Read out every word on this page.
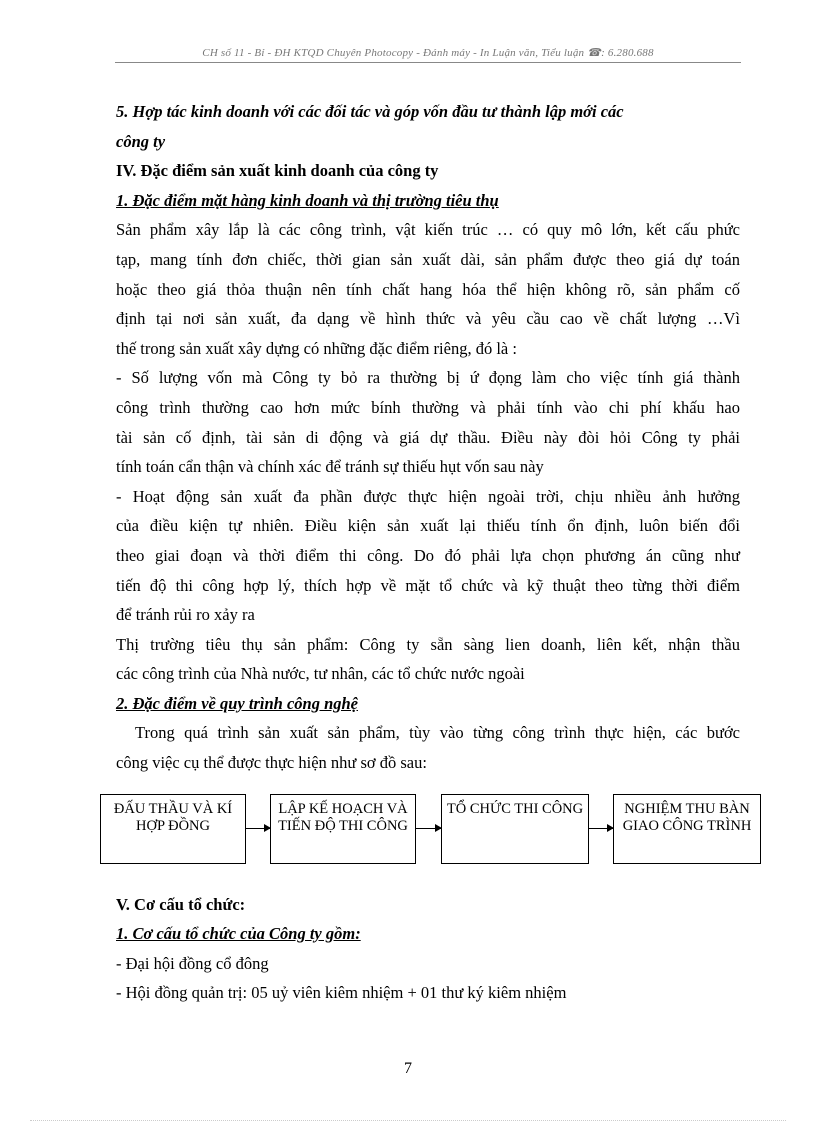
CH số 11 - Bỉ - ĐH KTQD Chuyên Photocopy - Đánh máy - In Luận văn, Tiểu luận ☎: 6.280.688
5. Hợp tác kinh doanh với các đối tác và góp vốn đầu tư thành lập mới các
công ty
IV. Đặc điểm sản xuất kinh doanh của công ty
1. Đặc điểm mặt hàng kinh doanh và thị trường tiêu thụ
Sản phẩm xây lắp là các công trình, vật kiến trúc … có quy mô lớn, kết cấu phức
tạp, mang tính đơn chiếc, thời gian sản xuất dài, sản phẩm được theo giá dự toán
hoặc theo giá thỏa thuận nên tính chất hang hóa thể hiện không rõ, sản phẩm cố
định tại nơi sản xuất, đa dạng về hình thức và yêu cầu cao về chất lượng …Vì
thế trong sản xuất xây dựng có những đặc điểm riêng, đó là :
- Số lượng vốn mà Công ty bỏ ra thường bị ứ đọng làm cho việc tính giá thành
công trình thường cao hơn mức bính thường và phải tính vào chi phí khấu hao
tài sản cố định, tài sản di động và giá dự thầu. Điều này đòi hỏi Công ty phải
tính toán cẩn thận và chính xác để tránh sự thiếu hụt vốn sau này
- Hoạt động sản xuất đa phần được thực hiện ngoài trời, chịu nhiều ảnh hưởng
của điều kiện tự nhiên. Điều kiện sản xuất lại thiếu tính ổn định, luôn biến đổi
theo giai đoạn và thời điểm thi công. Do đó phải lựa chọn phương án cũng như
tiến độ thi công hợp lý, thích hợp về mặt tổ chức và kỹ thuật theo từng thời điểm
để tránh rủi ro xảy ra
Thị trường tiêu thụ sản phẩm: Công ty sẵn sàng lien doanh, liên kết, nhận thầu
các công trình của Nhà nước, tư nhân, các tổ chức nước ngoài
2. Đặc điểm về quy trình công nghệ
Trong quá trình sản xuất sản phẩm, tùy vào từng công trình thực hiện, các bước
công việc cụ thể được thực hiện như sơ đồ sau:
ĐẤU THẦU VÀ KÍ HỢP ĐỒNG
LẬP KẾ HOẠCH VÀ TIẾN ĐỘ THI CÔNG
TỔ CHỨC THI CÔNG	NGHIỆM THU BÀN GIAO CÔNG TRÌNH
V. Cơ cấu tổ chức:
1. Cơ cấu tổ chức của Công ty gồm:
- Đại hội đồng cổ đông
- Hội đồng quản trị: 05 uỷ viên kiêm nhiệm + 01 thư ký kiêm nhiệm
7
